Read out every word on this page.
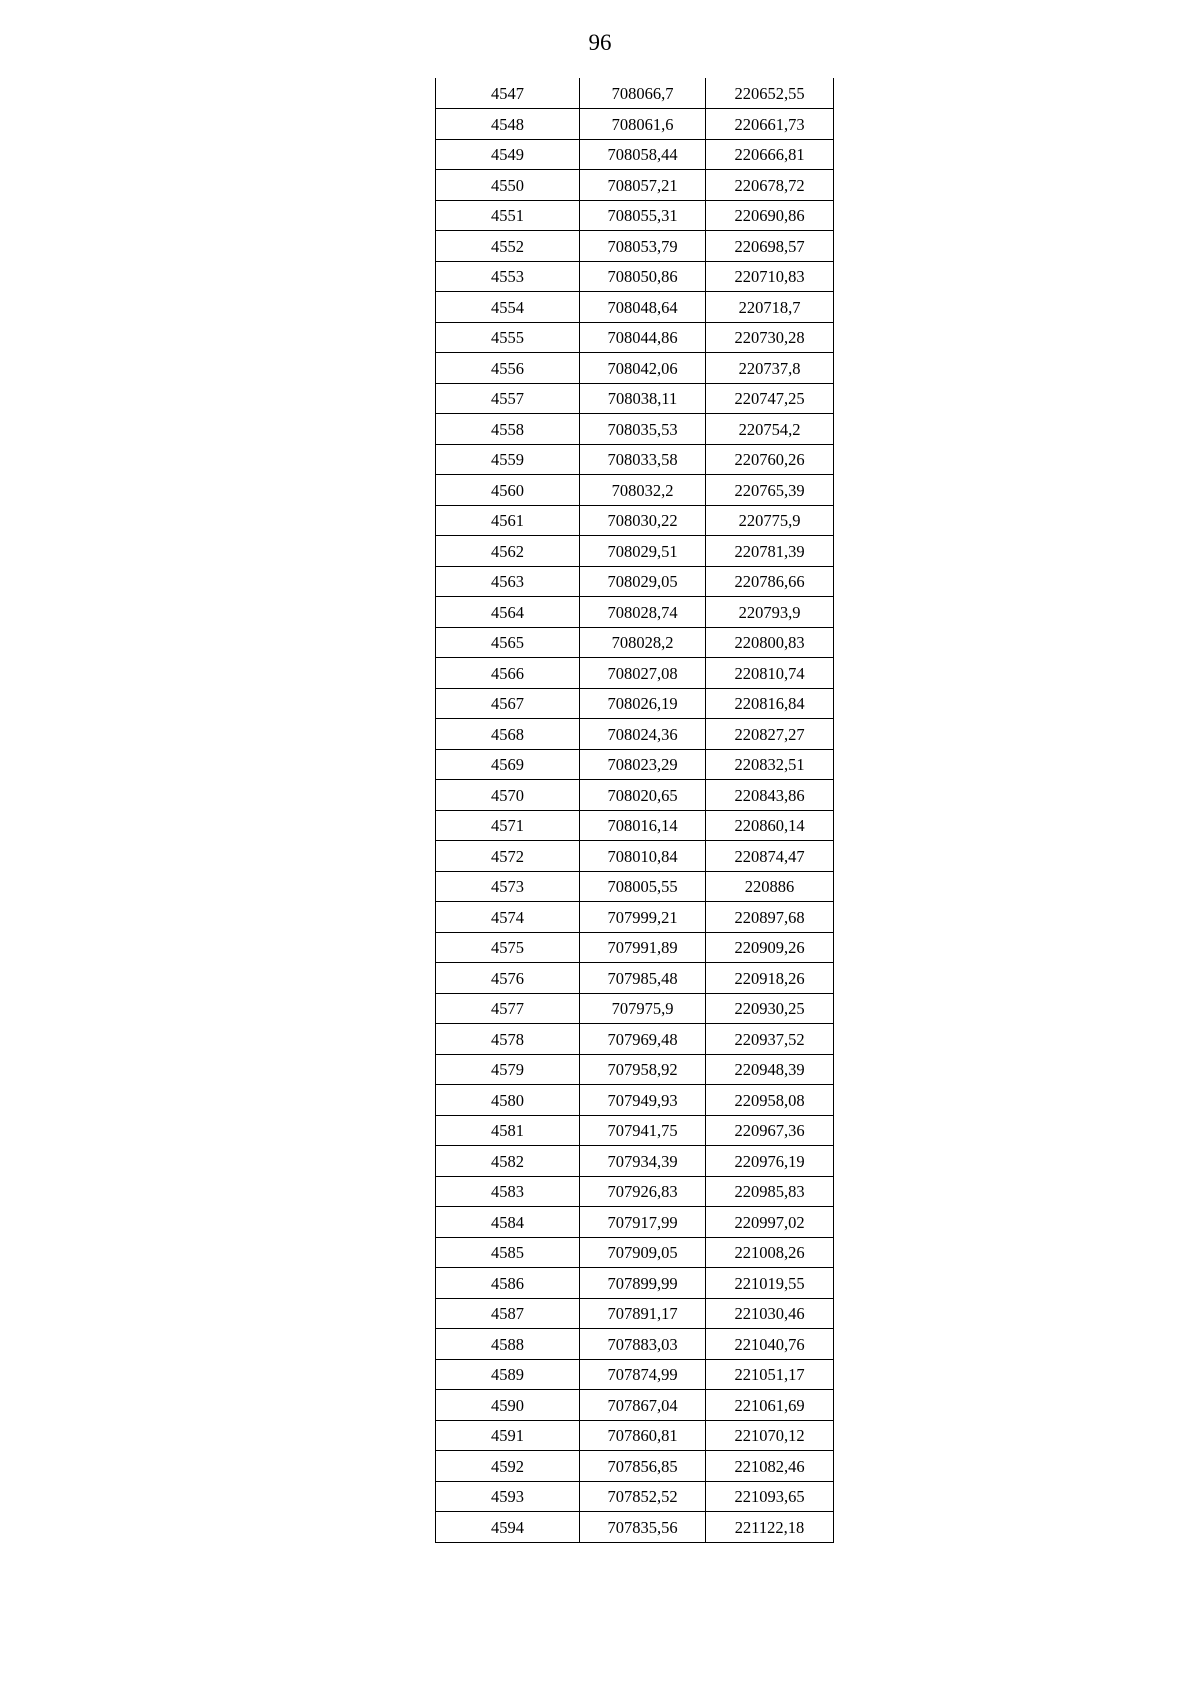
96
4547	708066,7	220652,55
4548	708061,6	220661,73
4549	708058,44	220666,81
4550	708057,21	220678,72
4551	708055,31	220690,86
4552	708053,79	220698,57
4553	708050,86	220710,83
4554	708048,64	220718,7
4555	708044,86	220730,28
4556	708042,06	220737,8
4557	708038,11	220747,25
4558	708035,53	220754,2
4559	708033,58	220760,26
4560	708032,2	220765,39
4561	708030,22	220775,9
4562	708029,51	220781,39
4563	708029,05	220786,66
4564	708028,74	220793,9
4565	708028,2	220800,83
4566	708027,08	220810,74
4567	708026,19	220816,84
4568	708024,36	220827,27
4569	708023,29	220832,51
4570	708020,65	220843,86
4571	708016,14	220860,14
4572	708010,84	220874,47
4573	708005,55	220886
4574	707999,21	220897,68
4575	707991,89	220909,26
4576	707985,48	220918,26
4577	707975,9	220930,25
4578	707969,48	220937,52
4579	707958,92	220948,39
4580	707949,93	220958,08
4581	707941,75	220967,36
4582	707934,39	220976,19
4583	707926,83	220985,83
4584	707917,99	220997,02
4585	707909,05	221008,26
4586	707899,99	221019,55
4587	707891,17	221030,46
4588	707883,03	221040,76
4589	707874,99	221051,17
4590	707867,04	221061,69
4591	707860,81	221070,12
4592	707856,85	221082,46
4593	707852,52	221093,65
4594	707835,56	221122,18
